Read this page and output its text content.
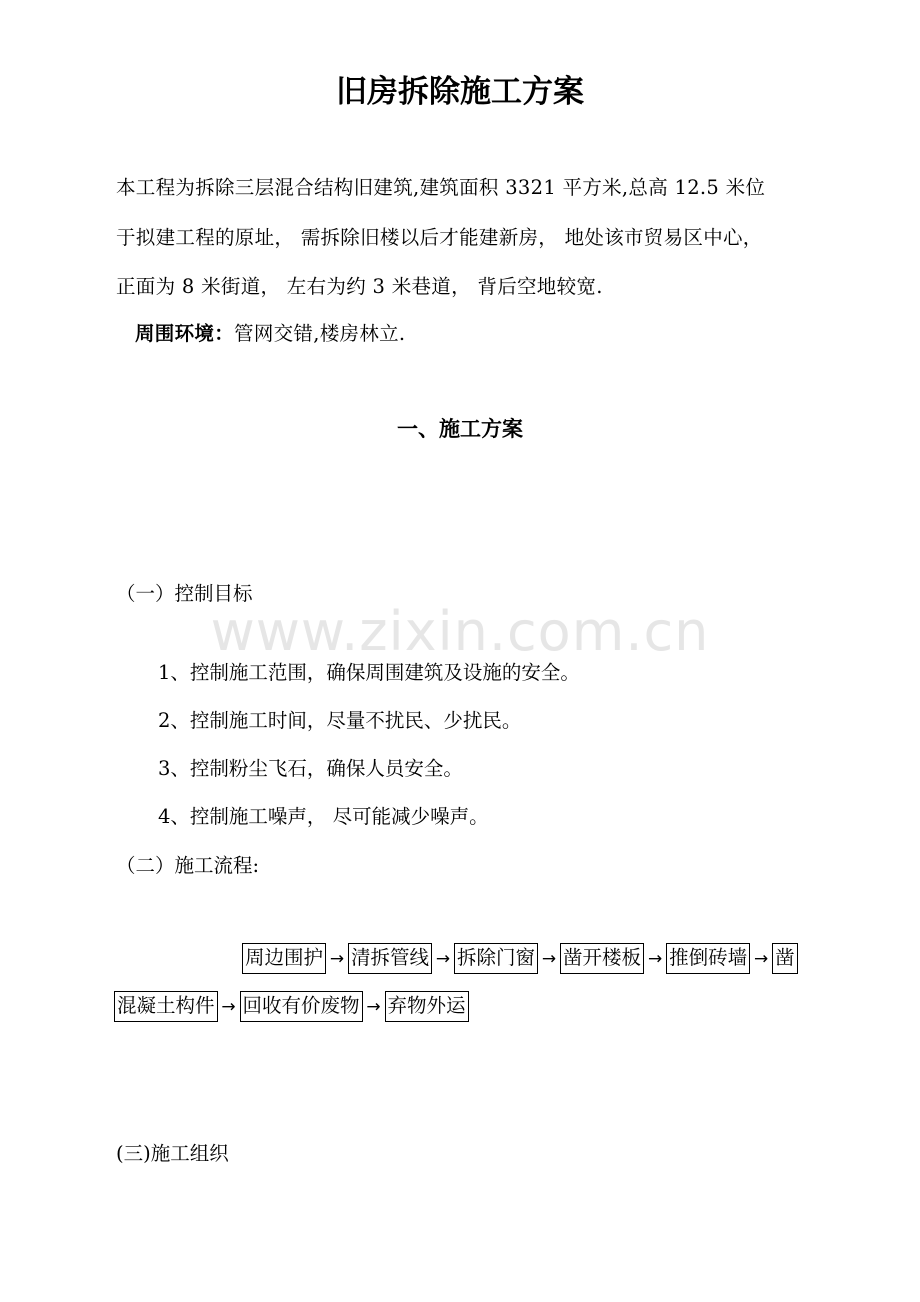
旧房拆除施工方案
本工程为拆除三层混合结构旧建筑,建筑面积 3321 平方米,总高 12.5 米位
于拟建工程的原址， 需拆除旧楼以后才能建新房， 地处该市贸易区中心，
正面为 8 米街道， 左右为约 3 米巷道， 背后空地较宽.
周围环境：管网交错,楼房林立.
一、施工方案
www.zixin.com.cn
（一）控制目标
1、控制施工范围，确保周围建筑及设施的安全。
2、控制施工时间，尽量不扰民、少扰民。
3、控制粉尘飞石，确保人员安全。
4、控制施工噪声， 尽可能减少噪声。
（二）施工流程:
周边围护 → 清拆管线 → 拆除门窗 → 凿开楼板 → 推倒砖墙 → 凿
混凝土构件 → 回收有价废物 → 弃物外运
(三)施工组织
